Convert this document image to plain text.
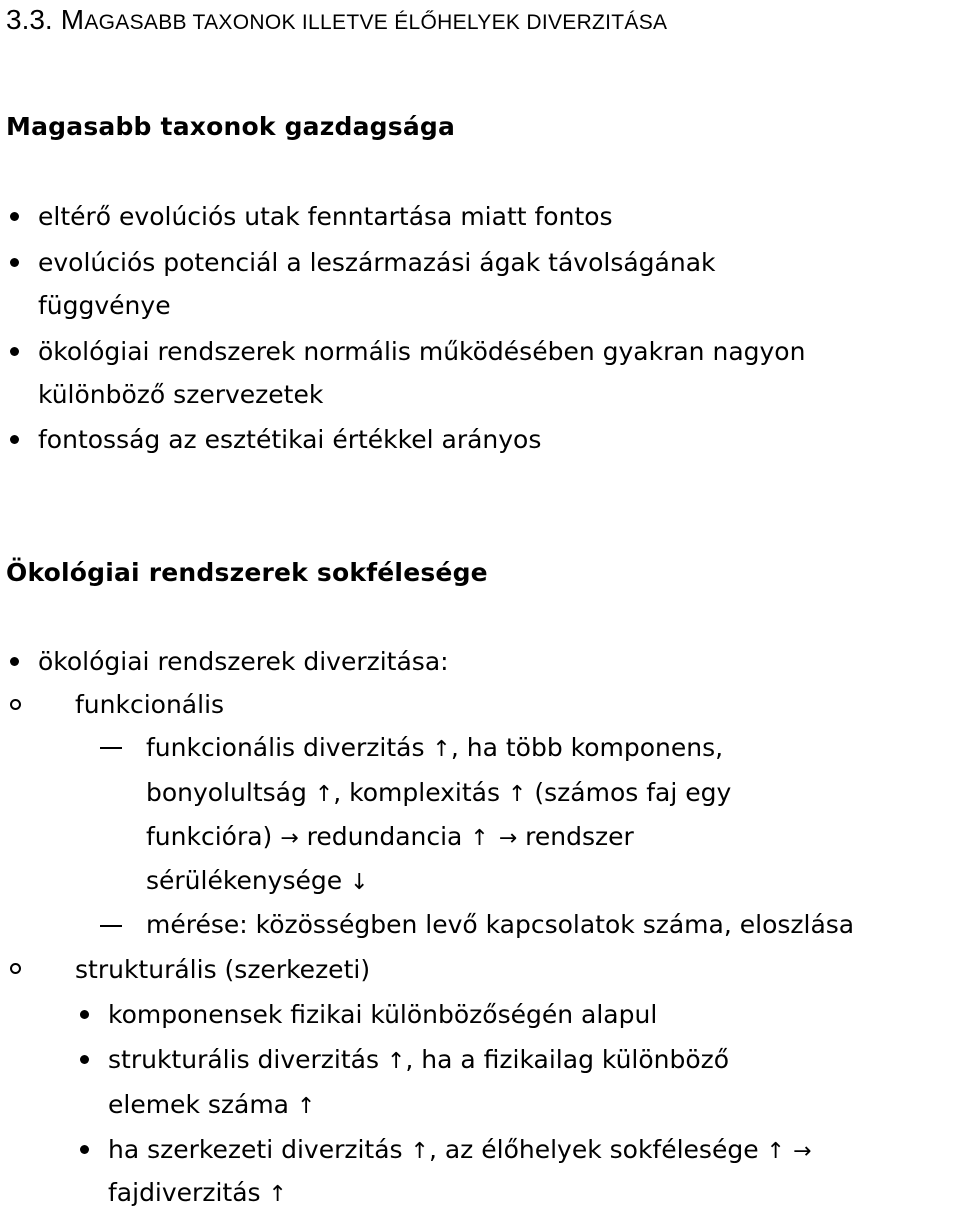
3.3. MAGASABB TAXONOK ILLETVE ÉLŐHELYEK DIVERZITÁSA
Magasabb taxonok gazdagsága
eltérő evolúciós utak fenntartása miatt fontos
evolúciós potenciál a leszármazási ágak távolságának
függvénye
ökológiai rendszerek normális működésében gyakran nagyon
különböző szervezetek
fontosság az esztétikai értékkel arányos
Ökológiai rendszerek sokfélesége
ökológiai rendszerek diverzitása:
funkcionális
funkcionális diverzitás ↑, ha több komponens,
bonyolultság ↑, komplexitás ↑ (számos faj egy
funkcióra) → redundancia ↑ → rendszer
sérülékenysége ↓
mérése: közösségben levő kapcsolatok száma, eloszlása
strukturális (szerkezeti)
komponensek fizikai különbözőségén alapul
strukturális diverzitás ↑, ha a fizikailag különböző
elemek száma ↑
ha szerkezeti diverzitás ↑, az élőhelyek sokfélesége ↑ →
fajdiverzitás ↑
